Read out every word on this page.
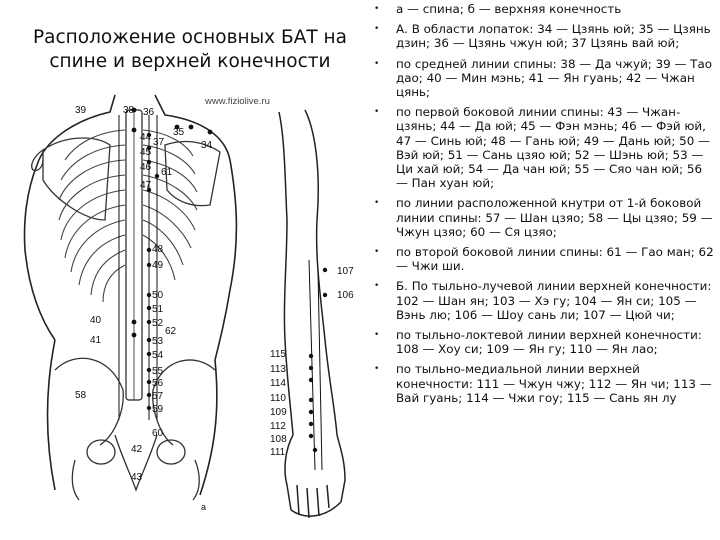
Расположение основных БАТ на
спине и верхней конечности
39	38 36
44 37
35
34
45
46 61
47
48
49
50
51
52
53
54
40
41
62
55
56
57
58
59
60
42
43
www.fiziolive.ru
107
106
115
113
114
110
109
112
108
111
а
• а — спина; б — верхняя конечность
• А. В области лопаток: 34 — Цзянь юй; 35 — Цзянь дзин; 36 — Цзянь чжун юй; 37 Цзянь вай юй;
• по средней линии спины: 38 — Да чжуй; 39 — Тао дао; 40 — Мин мэнь; 41 — Ян гуань; 42 — Чжан цянь;
• по первой боковой линии спины: 43 — Чжан-цзянь; 44 — Да юй; 45 — Фэн мэнь; 46 — Фэй юй, 47 — Синь юй; 48 — Гань юй; 49 — Дань юй; 50 — Вэй юй; 51 — Сань цзяо юй; 52 — Шэнь юй; 53 — Ци хай юй; 54 — Да чан юй; 55 — Сяо чан юй; 56 — Пан хуан юй;
• по линии расположенной кнутри от 1-й боковой линии спины: 57 — Шан цзяо; 58 — Цы цзяо; 59 — Чжун цзяо; 60 — Ся цзяо;
• по второй боковой линии спины: 61 — Гао ман; 62 — Чжи ши.
• Б. По тыльно-лучевой линии верхней конечности: 102 — Шан ян; 103 — Хэ гу; 104 — Ян си; 105 — Вэнь лю; 106 — Шоу сань ли; 107 — Цюй чи;
• по тыльно-локтевой линии верхней конечности: 108 — Хоу си; 109 — Ян гу; 110 — Ян лао;
• по тыльно-медиальной линии верхней конечности: 111 — Чжун чжу; 112 — Ян чи; 113 — Вай гуань; 114 — Чжи гоу; 115 — Сань ян лу
